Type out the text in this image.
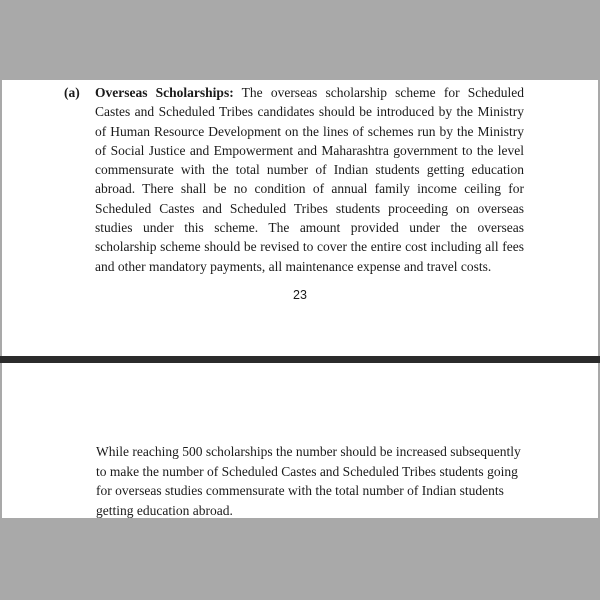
(a) Overseas Scholarships: The overseas scholarship scheme for Scheduled Castes and Scheduled Tribes candidates should be introduced by the Ministry of Human Resource Development on the lines of schemes run by the Ministry of Social Justice and Empowerment and Maharashtra government to the level commensurate with the total number of Indian students getting education abroad. There shall be no condition of annual family income ceiling for Scheduled Castes and Scheduled Tribes students proceeding on overseas studies under this scheme. The amount provided under the overseas scholarship scheme should be revised to cover the entire cost including all fees and other mandatory payments, all maintenance expense and travel costs.
23
While reaching 500 scholarships the number should be increased subsequently to make the number of Scheduled Castes and Scheduled Tribes students going for overseas studies commensurate with the total number of Indian students getting education abroad.
